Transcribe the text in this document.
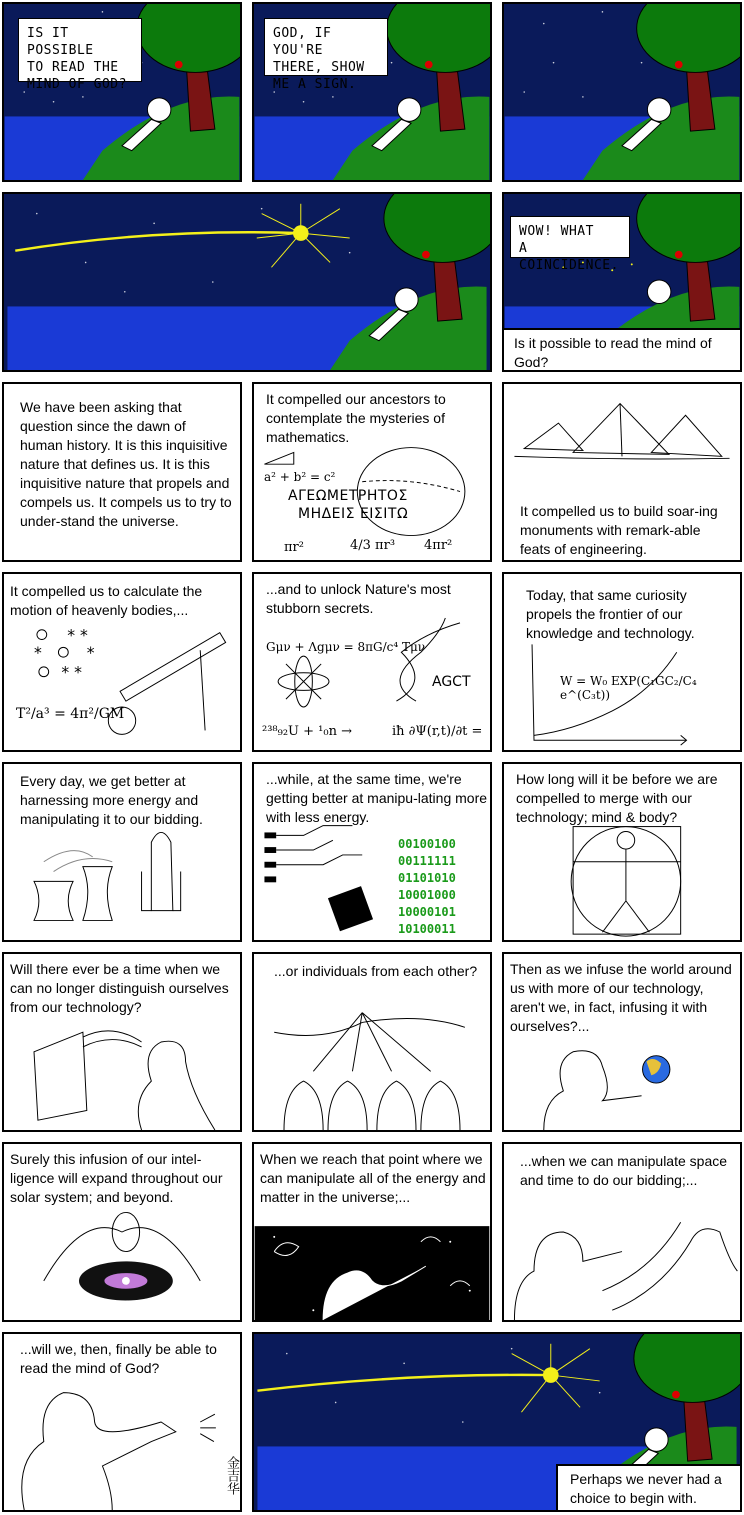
IS IT POSSIBLE
TO READ THE
MIND OF GOD?
GOD, IF YOU'RE
THERE, SHOW
ME A SIGN.
WOW! WHAT
A COINCIDENCE.
Is it possible to read the mind of God?
We have been asking that question since the dawn of human history. It is this inquisitive nature that defines us. It is this inquisitive nature that propels and compels us. It compels us to try to under-stand the universe.
It compelled our ancestors to contemplate the mysteries of mathematics.
a² + b² = c²
ΑΓΕΩΜΕΤΡΗΤΟΣ
ΜΗΔΕΙΣ ΕΙΣΙΤΩ
πr²	4/3 πr³ 4πr²
It compelled us to build soar-ing monuments with remark-able feats of engineering.
It compelled us to calculate the motion of heavenly bodies,...
* *
*	*
* *
T²/a³ = 4π²/GM
...and to unlock Nature's most stubborn secrets.
Gμν + Λgμν = 8πG/c⁴ Tμν
AGCT
²³⁸₉₂U + ¹₀n →	iħ ∂Ψ(r,t)/∂t =
Today, that same curiosity propels the frontier of our knowledge and technology.
W = W₀ EXP(C₁GC₂/C₄ e^(C₃t))
Every day, we get better at harnessing more energy and manipulating it to our bidding.
...while, at the same time, we're getting better at manipu-lating more with less energy.
00100100
00111111
01101010
10001000
10000101
10100011
How long will it be before we are compelled to merge with our technology; mind & body?
Will there ever be a time when we can no longer distinguish ourselves from our technology?
...or individuals from each other?	Then as we infuse the world around us with more of our technology, aren't we, in fact, infusing it with ourselves?...
Surely this infusion of our intel-ligence will expand throughout our solar system; and beyond.
When we reach that point where we can manipulate all of the energy and matter in the universe;...
...when we can manipulate space and time to do our bidding;...
...will we, then, finally be able to read the mind of God?
金吉华	Perhaps we never had a choice to begin with.
